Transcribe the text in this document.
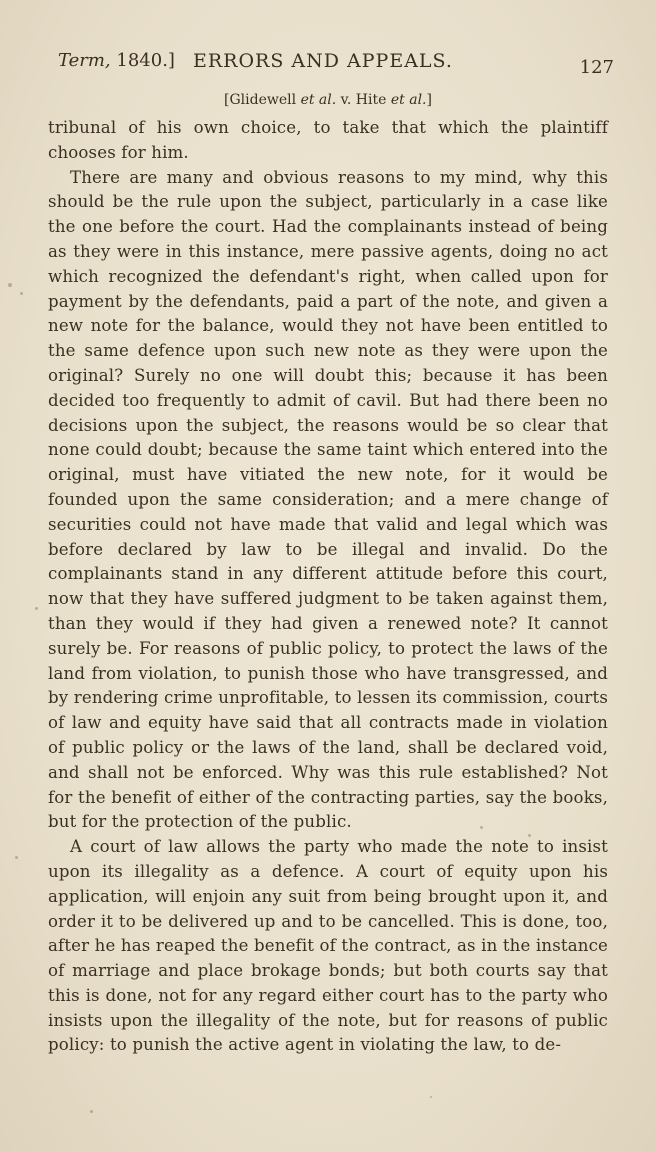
Term, 1840.] ERRORS AND APPEALS.	127
[Glidewell et al. v. Hite et al.]

tribunal of his own choice, to take that which the plaintiff chooses for him.

There are many and obvious reasons to my mind, why this should be the rule upon the subject, particularly in a case like the one before the court. Had the complainants instead of being as they were in this instance, mere passive agents, doing no act which recognized the defendant's right, when called upon for payment by the defendants, paid a part of the note, and given a new note for the balance, would they not have been entitled to the same defence upon such new note as they were upon the original? Surely no one will doubt this; because it has been decided too frequently to admit of cavil. But had there been no decisions upon the subject, the reasons would be so clear that none could doubt; because the same taint which entered into the original, must have vitiated the new note, for it would be founded upon the same consideration; and a mere change of securities could not have made that valid and legal which was before declared by law to be illegal and invalid. Do the complainants stand in any different attitude before this court, now that they have suffered judgment to be taken against them, than they would if they had given a renewed note? It cannot surely be. For reasons of public policy, to protect the laws of the land from violation, to punish those who have transgressed, and by rendering crime unprofitable, to lessen its commission, courts of law and equity have said that all contracts made in violation of public policy or the laws of the land, shall be declared void, and shall not be enforced. Why was this rule established? Not for the benefit of either of the contracting parties, say the books, but for the protection of the public.

A court of law allows the party who made the note to insist upon its illegality as a defence. A court of equity upon his application, will enjoin any suit from being brought upon it, and order it to be delivered up and to be cancelled. This is done, too, after he has reaped the benefit of the contract, as in the instance of marriage and place brokage bonds; but both courts say that this is done, not for any regard either court has to the party who insists upon the illegality of the note, but for reasons of public policy: to punish the active agent in violating the law, to de-
